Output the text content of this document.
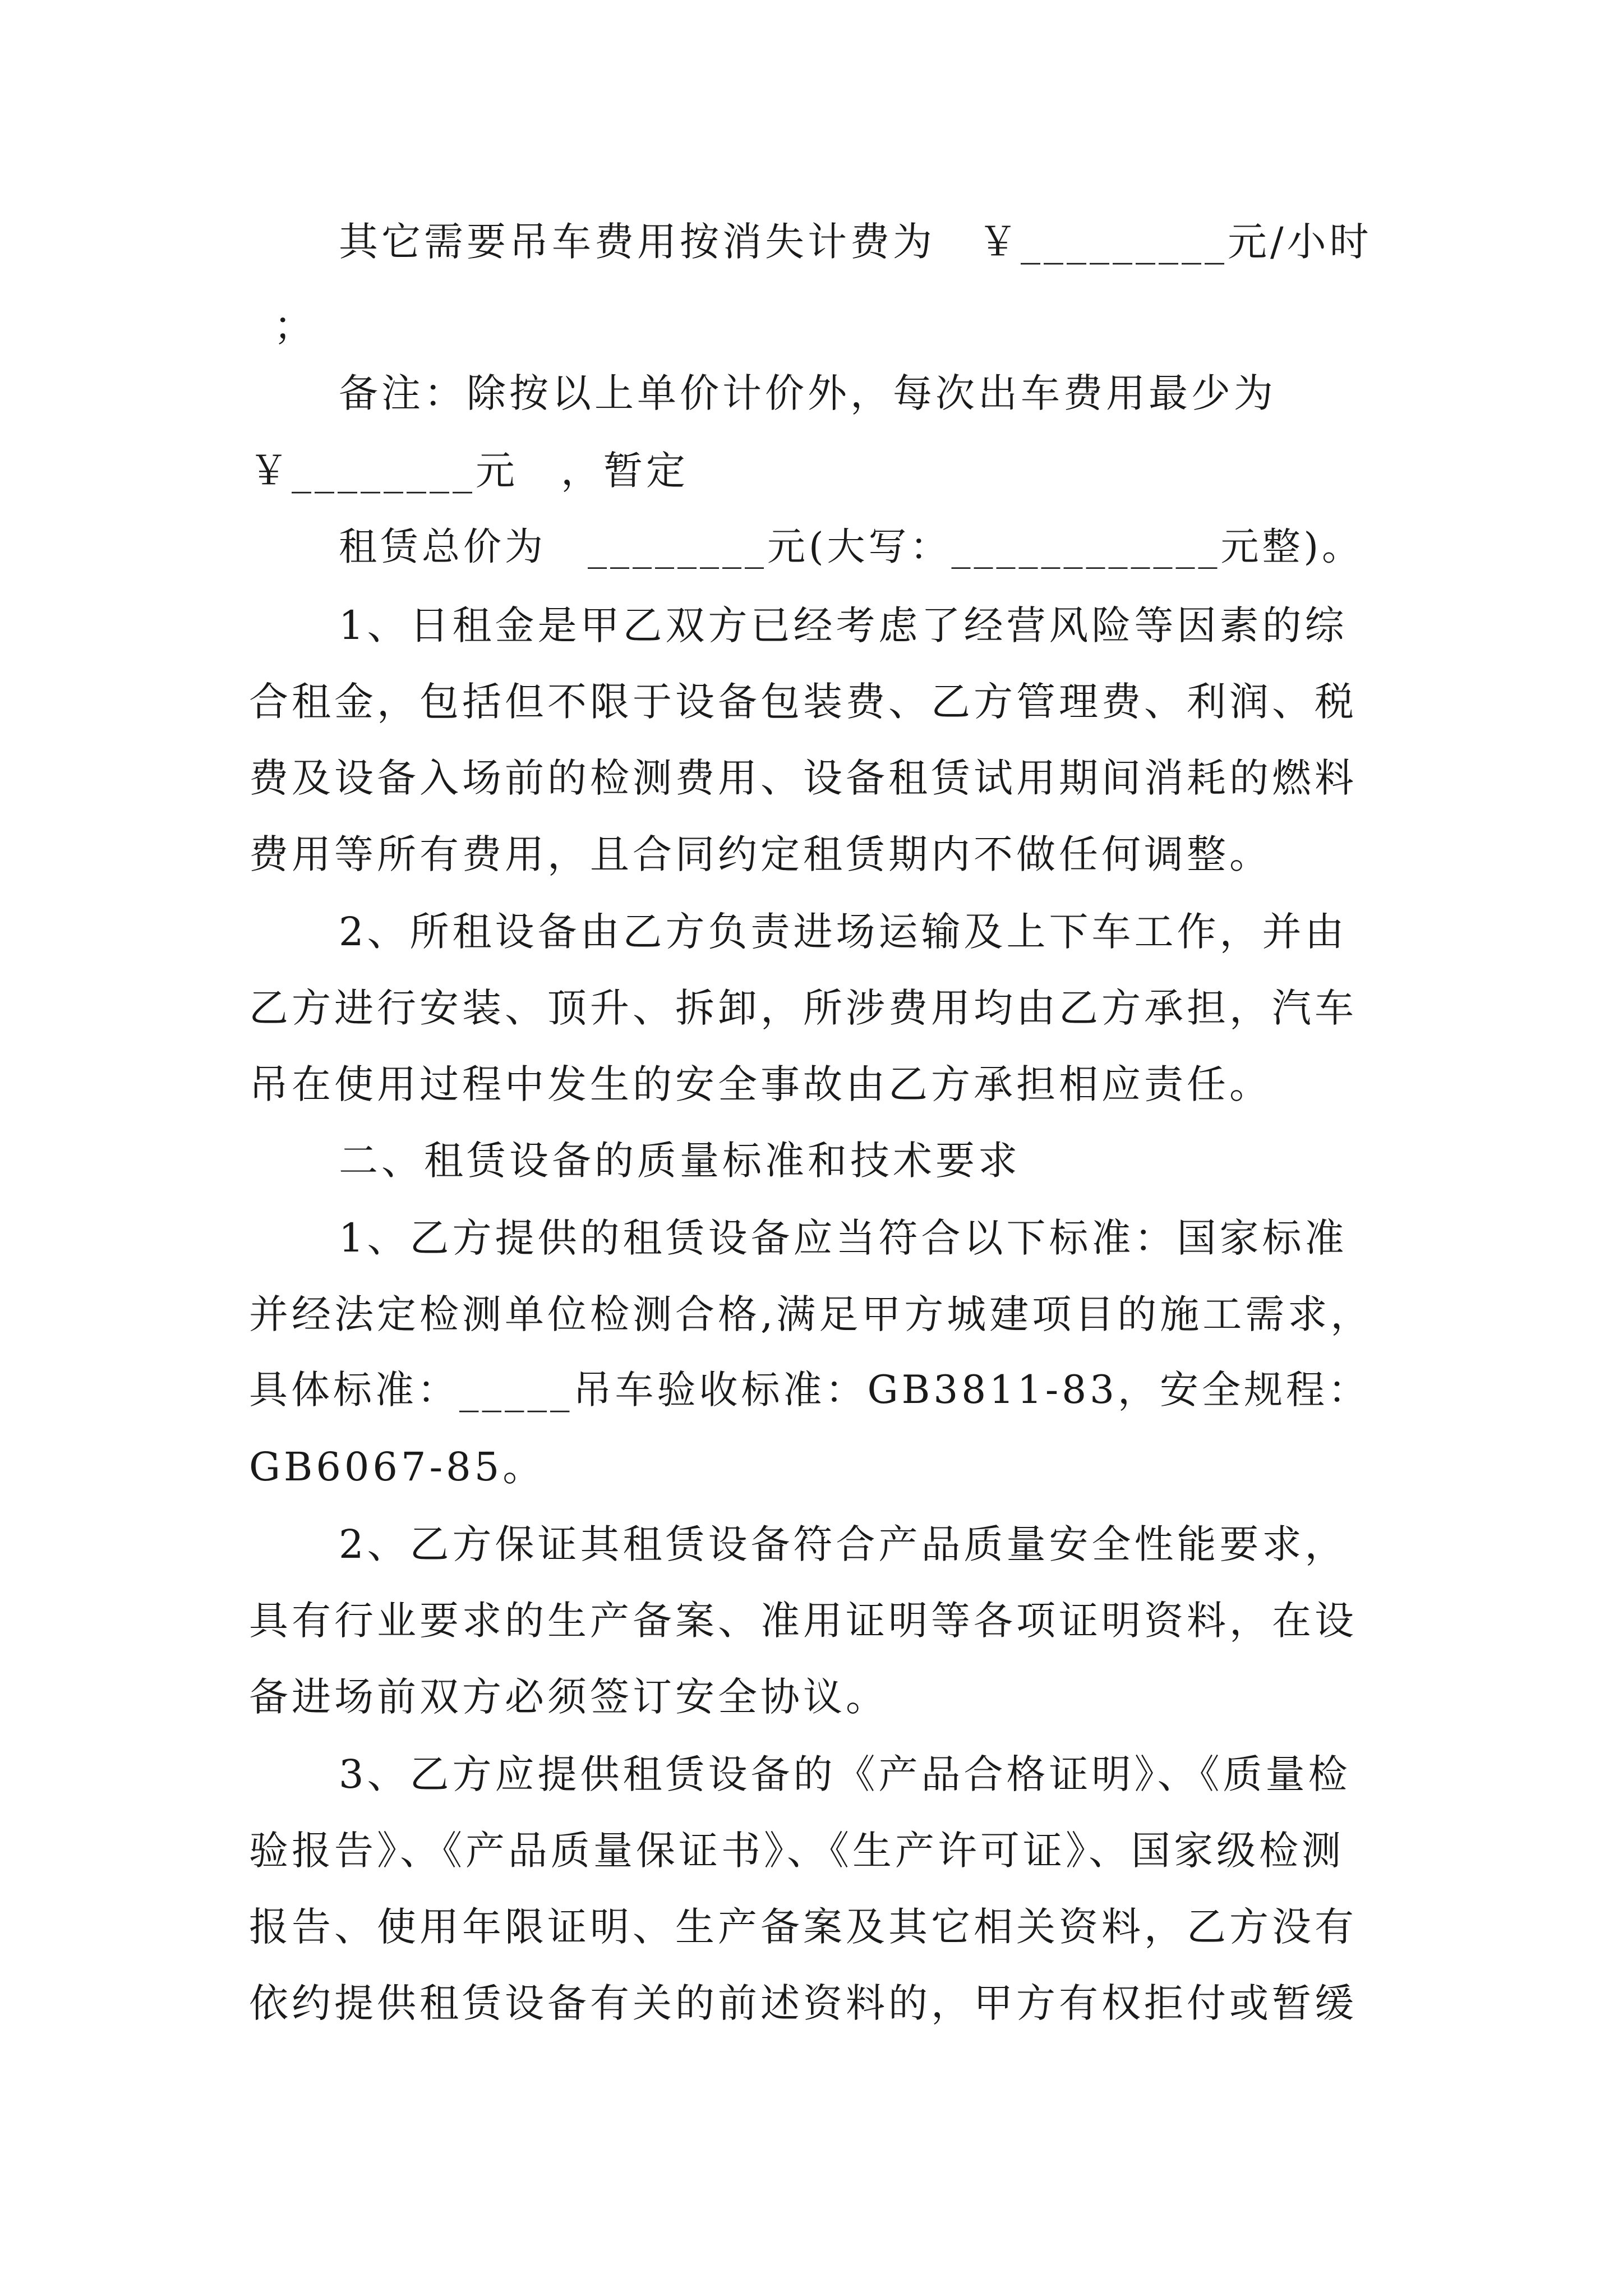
其它需要吊车费用按消失计费为　￥_________元/小时
；
备注：除按以上单价计价外，每次出车费用最少为
￥________元　，暂定
租赁总价为　________元(大写：____________元整)。
1、日租金是甲乙双方已经考虑了经营风险等因素的综
合租金，包括但不限于设备包装费、乙方管理费、利润、税
费及设备入场前的检测费用、设备租赁试用期间消耗的燃料
费用等所有费用，且合同约定租赁期内不做任何调整。
2、所租设备由乙方负责进场运输及上下车工作，并由
乙方进行安装、顶升、拆卸，所涉费用均由乙方承担，汽车
吊在使用过程中发生的安全事故由乙方承担相应责任。
二、租赁设备的质量标准和技术要求
1、乙方提供的租赁设备应当符合以下标准：国家标准
并经法定检测单位检测合格,满足甲方城建项目的施工需求，
具体标准：_____吊车验收标准：GB3811-83，安全规程：
GB6067-85。
2、乙方保证其租赁设备符合产品质量安全性能要求，
具有行业要求的生产备案、准用证明等各项证明资料，在设
备进场前双方必须签订安全协议。
3、乙方应提供租赁设备的《产品合格证明》、《质量检
验报告》、《产品质量保证书》、《生产许可证》、国家级检测
报告、使用年限证明、生产备案及其它相关资料，乙方没有
依约提供租赁设备有关的前述资料的，甲方有权拒付或暂缓
